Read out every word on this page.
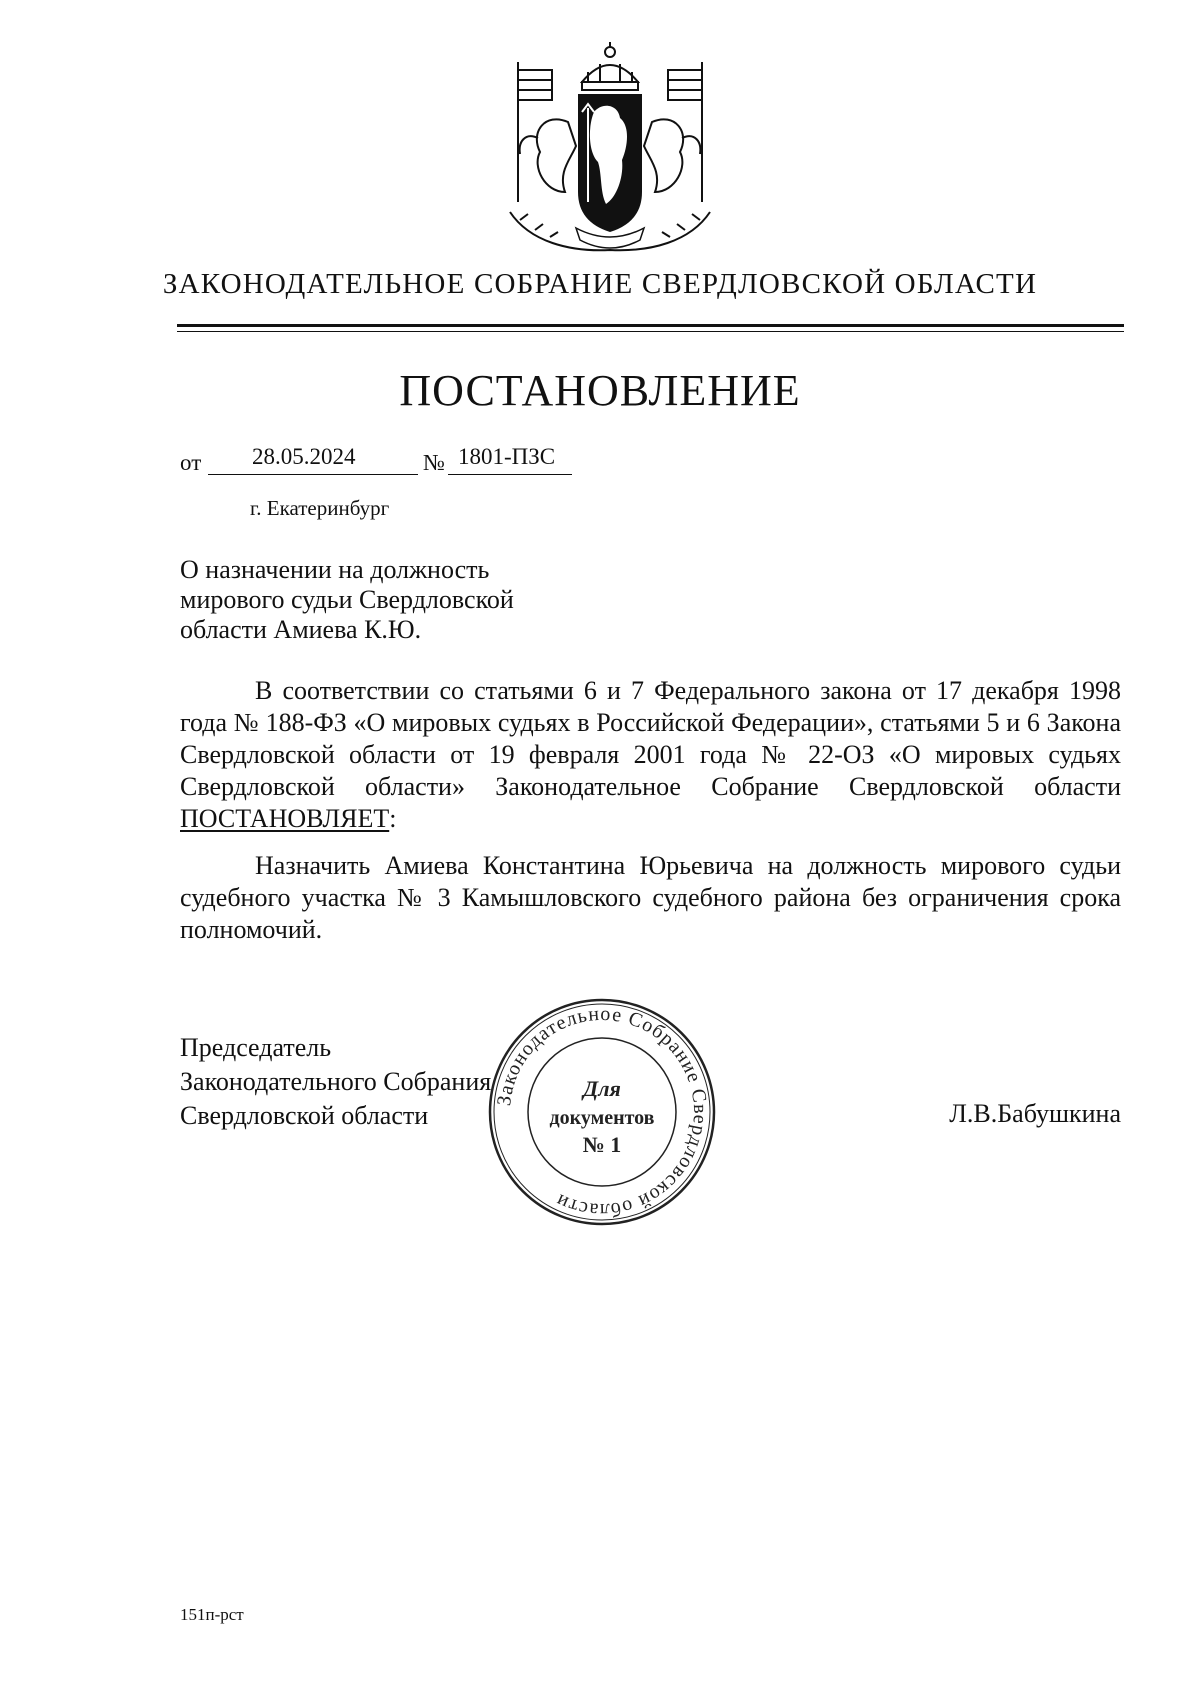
ЗАКОНОДАТЕЛЬНОЕ СОБРАНИЕ СВЕРДЛОВСКОЙ ОБЛАСТИ
ПОСТАНОВЛЕНИЕ
от 28.05.2024	№ 1801-ПЗС
г. Екатеринбург
О назначении на должность
мирового судьи Свердловской
области Амиева К.Ю.

В соответствии со статьями 6 и 7 Федерального закона от 17 декабря 1998 года № 188-ФЗ «О мировых судьях в Российской Федерации», статьями 5 и 6 Закона Свердловской области от 19 февраля 2001 года № 22-ОЗ «О мировых судьях Свердловской области» Законодательное Собрание Свердловской области ПОСТАНОВЛЯЕТ:

Назначить Амиева Константина Юрьевича на должность мирового судьи судебного участка № 3 Камышловского судебного района без ограничения срока полномочий.

Председатель
Законодательного Собрания
Свердловской области	Л.В.Бабушкина
Законодательное Собрание Свердловской области
Для
документов
№ 1
151п-рст
